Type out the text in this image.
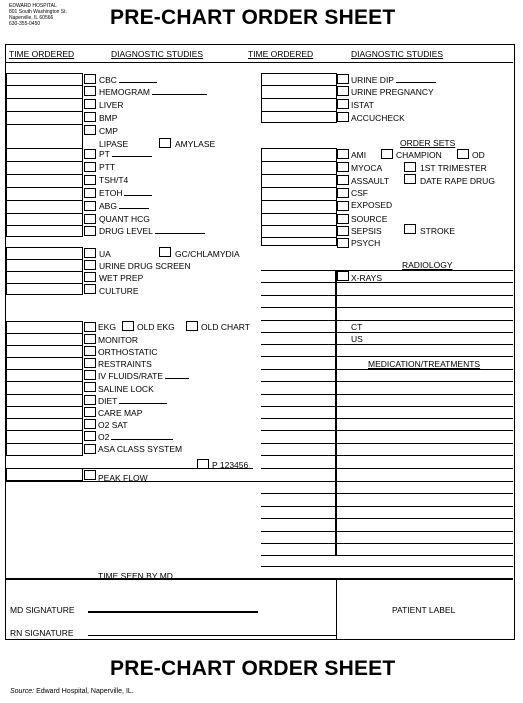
EDWARD HOSPITAL
801 South Washington St.
Naperville, IL 60566
630-355-0450	PRE-CHART ORDER SHEET
TIME ORDERED	DIAGNOSTIC STUDIES	TIME ORDERED	DIAGNOSTIC STUDIES
CBC
HEMOGRAM
LIVER
BMP
CMP
LIPASE	AMYLASE
PT
PTT
TSH/T4
ETOH
ABG
QUANT HCG
DRUG LEVEL
UA	GC/CHLAMYDIA
URINE DRUG SCREEN
WET PREP
CULTURE
EKG OLD EKG	OLD CHART
MONITOR
ORTHOSTATIC
RESTRAINTS
IV FLUIDS/RATE
SALINE LOCK
DIET
CARE MAP
O2 SAT
O2
ASA CLASS SYSTEM
P 123456
PEAK FLOW
TIME SEEN BY MD
URINE DIP
URINE PREGNANCY
ISTAT
ACCUCHECK
ORDER SETS
AMI	CHAMPION	OD
MYOCA	1ST TRIMESTER
ASSAULT	DATE RAPE DRUG
CSF
EXPOSED
SOURCE
SEPSIS	STROKE
PSYCH
RADIOLOGY
X-RAYS
CT
US
MEDICATION/TREATMENTS
MD SIGNATURE
RN SIGNATURE
PATIENT LABEL
PRE-CHART ORDER SHEET
Source: Edward Hospital, Naperville, IL.
